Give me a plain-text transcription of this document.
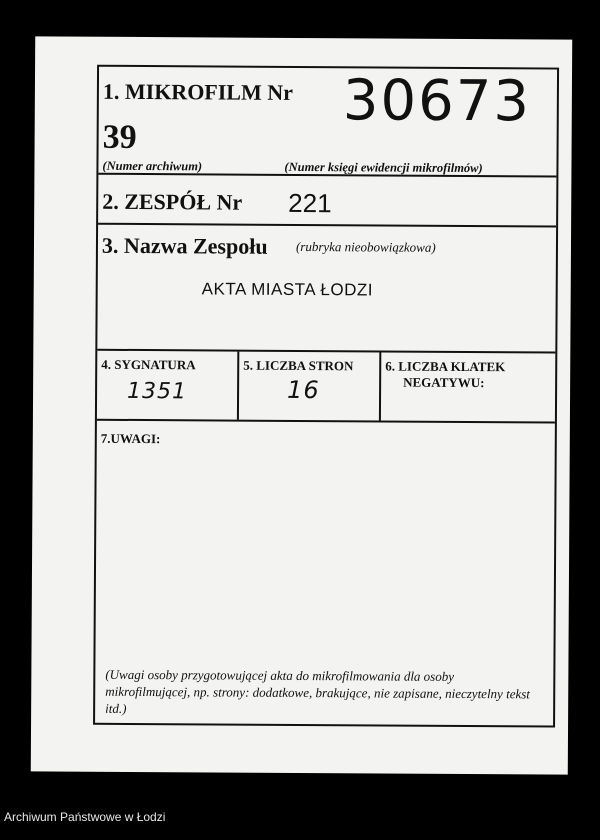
1. MIKROFILM Nr
39
(Numer archiwum)
30673
(Numer księgi ewidencji mikrofilmów)
2. ZESPÓŁ Nr 221
3. Nazwa Zespołu (rubryka nieobowiązkowa)
AKTA MIASTA ŁODZI
4. SYGNATURA
1351
5. LICZBA STRON
16
6. LICZBA KLATEK
NEGATYWU:
7.UWAGI:
(Uwagi osoby przygotowującej akta do mikrofilmowania dla osoby mikrofilmującej, np. strony: dodatkowe, brakujące, nie zapisane, nieczytelny tekst itd.)
Archiwum Państwowe w Łodzi
